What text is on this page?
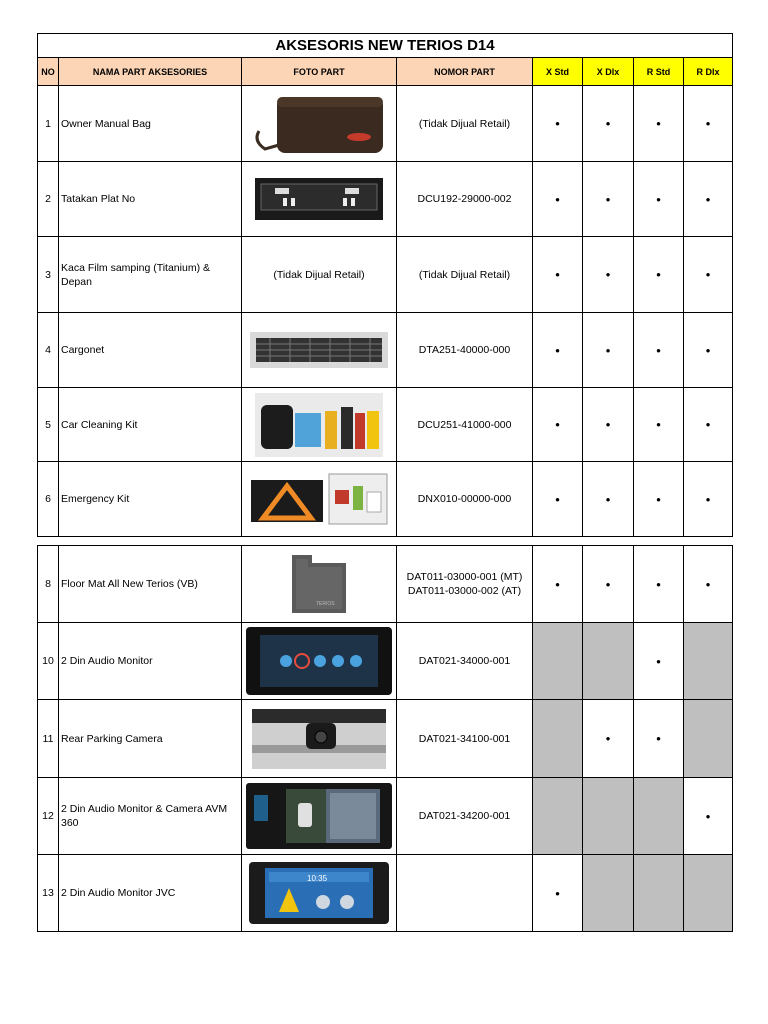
AKSESORIS NEW TERIOS D14							
NO	NAMA PART AKSESORIES	FOTO PART	NOMOR PART	X Std	X Dlx	R Std	R Dlx
1	Owner Manual Bag		(Tidak Dijual Retail)	•	•	•	•
2	Tatakan Plat No		DCU192-29000-002	•	•	•	•
3	Kaca Film samping (Titanium) & Depan	(Tidak Dijual Retail)	(Tidak Dijual Retail)	•	•	•	•
4	Cargonet		DTA251-40000-000	•	•	•	•
5	Car Cleaning Kit		DCU251-41000-000	•	•	•	•
6	Emergency Kit		DNX010-00000-000	•	•	•	•
8	Floor Mat All New Terios (VB)	TERIOS	DAT011-03000-001 (MT)
DAT011-03000-002 (AT)	•	•	•	•
10	2 Din Audio Monitor		DAT021-34000-001			•	
11	Rear Parking Camera		DAT021-34100-001		•	•	
12	2 Din Audio Monitor & Camera AVM 360		DAT021-34200-001				•
13	2 Din Audio Monitor JVC	10:35		•			
